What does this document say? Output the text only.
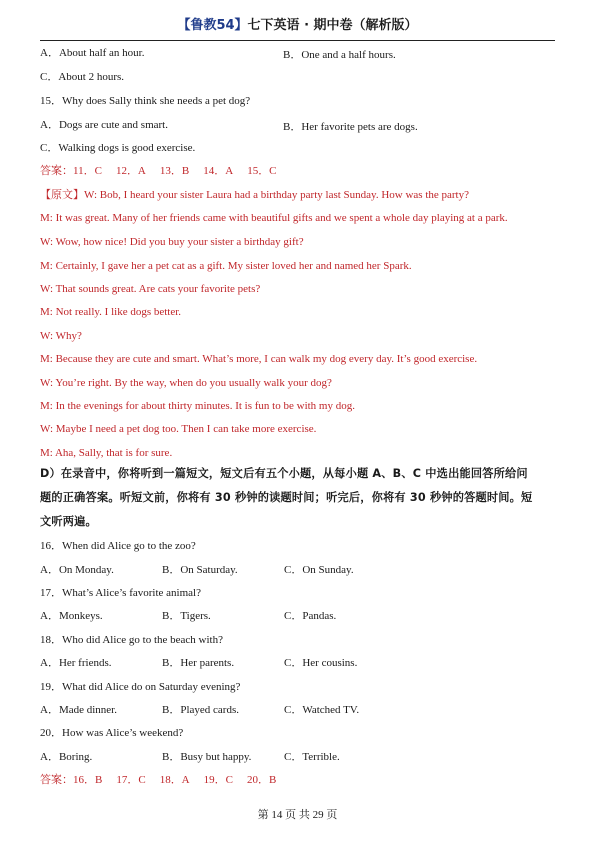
【鲁教54】七下英语 · 期中卷（解析版）
A．About half an hour.	B．One and a half hours.
C．About 2 hours.
15．Why does Sally think she needs a pet dog?
A．Dogs are cute and smart.	B．Her favorite pets are dogs.
C．Walking dogs is good exercise.
答案：11．C 12．A 13．B 14．A 15．C
【原文】W: Bob, I heard your sister Laura had a birthday party last Sunday. How was the party?
M: It was great. Many of her friends came with beautiful gifts and we spent a whole day playing at a park.
W: Wow, how nice! Did you buy your sister a birthday gift?
M: Certainly, I gave her a pet cat as a gift. My sister loved her and named her Spark.
W: That sounds great. Are cats your favorite pets?
M: Not really. I like dogs better.
W: Why?
M: Because they are cute and smart. What’s more, I can walk my dog every day. It’s good exercise.
W: You’re right. By the way, when do you usually walk your dog?
M: In the evenings for about thirty minutes. It is fun to be with my dog.
W: Maybe I need a pet dog too. Then I can take more exercise.
M: Aha, Sally, that is for sure.
D）在录音中，你将听到一篇短文，短文后有五个小题，从每小题 A、B、C 中选出能回答所给问
题的正确答案。听短文前，你将有 30 秒钟的读题时间；听完后，你将有 30 秒钟的答题时间。短
文听两遍。
16．When did Alice go to the zoo?
A．On Monday.	B．On Saturday.	C．On Sunday.
17．What’s Alice’s favorite animal?
A．Monkeys.	B．Tigers.	C．Pandas.
18．Who did Alice go to the beach with?
A．Her friends.	B．Her parents.	C．Her cousins.
19．What did Alice do on Saturday evening?
A．Made dinner.	B．Played cards.	C．Watched TV.
20．How was Alice’s weekend?
A．Boring.	B．Busy but happy.	C．Terrible.
答案：16．B 17．C 18．A 19．C 20．B
第 14 页 共 29 页
